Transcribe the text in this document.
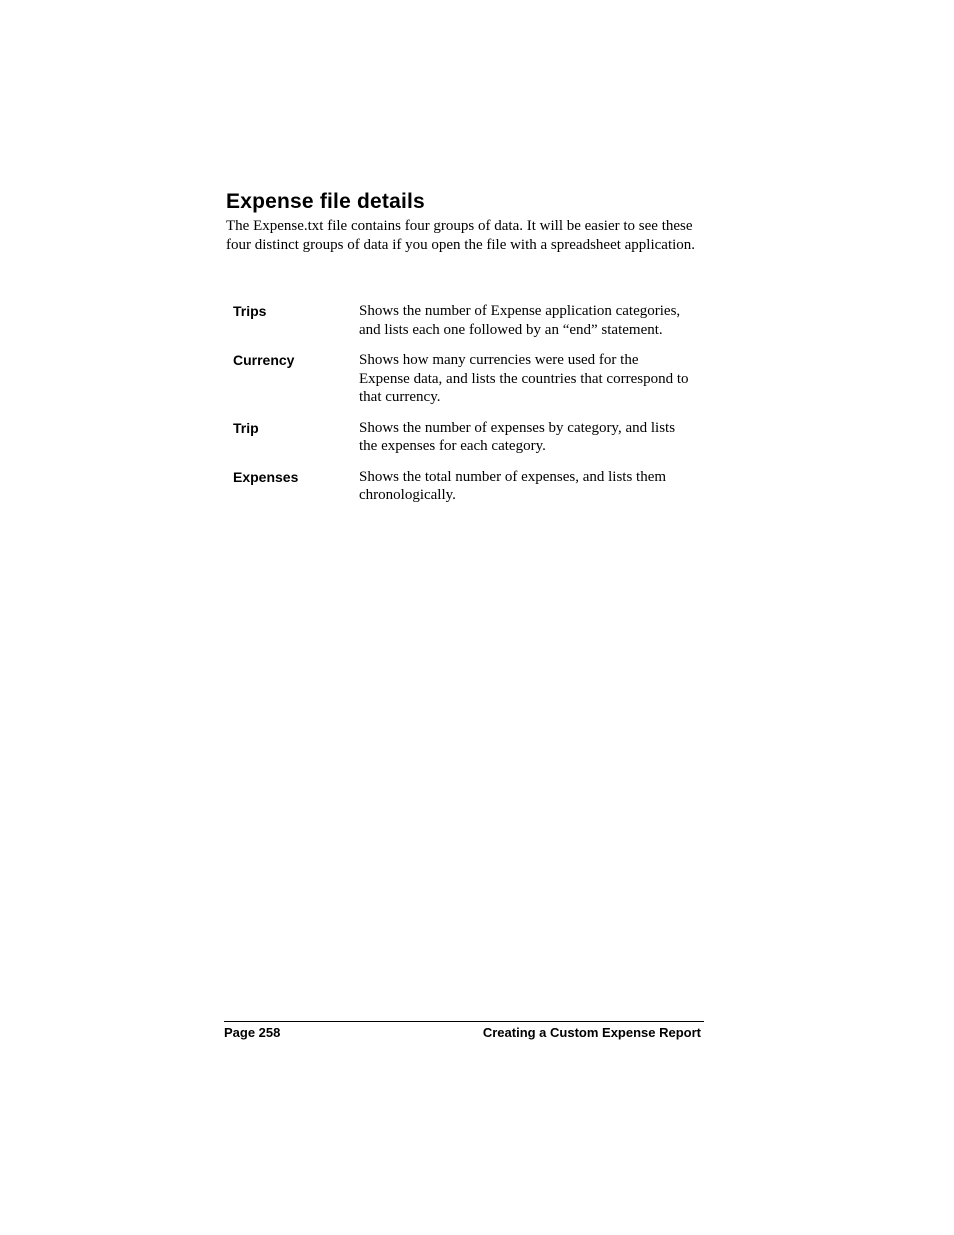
Expense file details

The Expense.txt file contains four groups of data. It will be easier to see these four distinct groups of data if you open the file with a spreadsheet application.

Trips	Shows the number of Expense application categories, and lists each one followed by an “end” statement.
Currency	Shows how many currencies were used for the Expense data, and lists the countries that correspond to that currency.
Trip	Shows the number of expenses by category, and lists the expenses for each category.
Expenses	Shows the total number of expenses, and lists them chronologically.
Page 258	Creating a Custom Expense Report
